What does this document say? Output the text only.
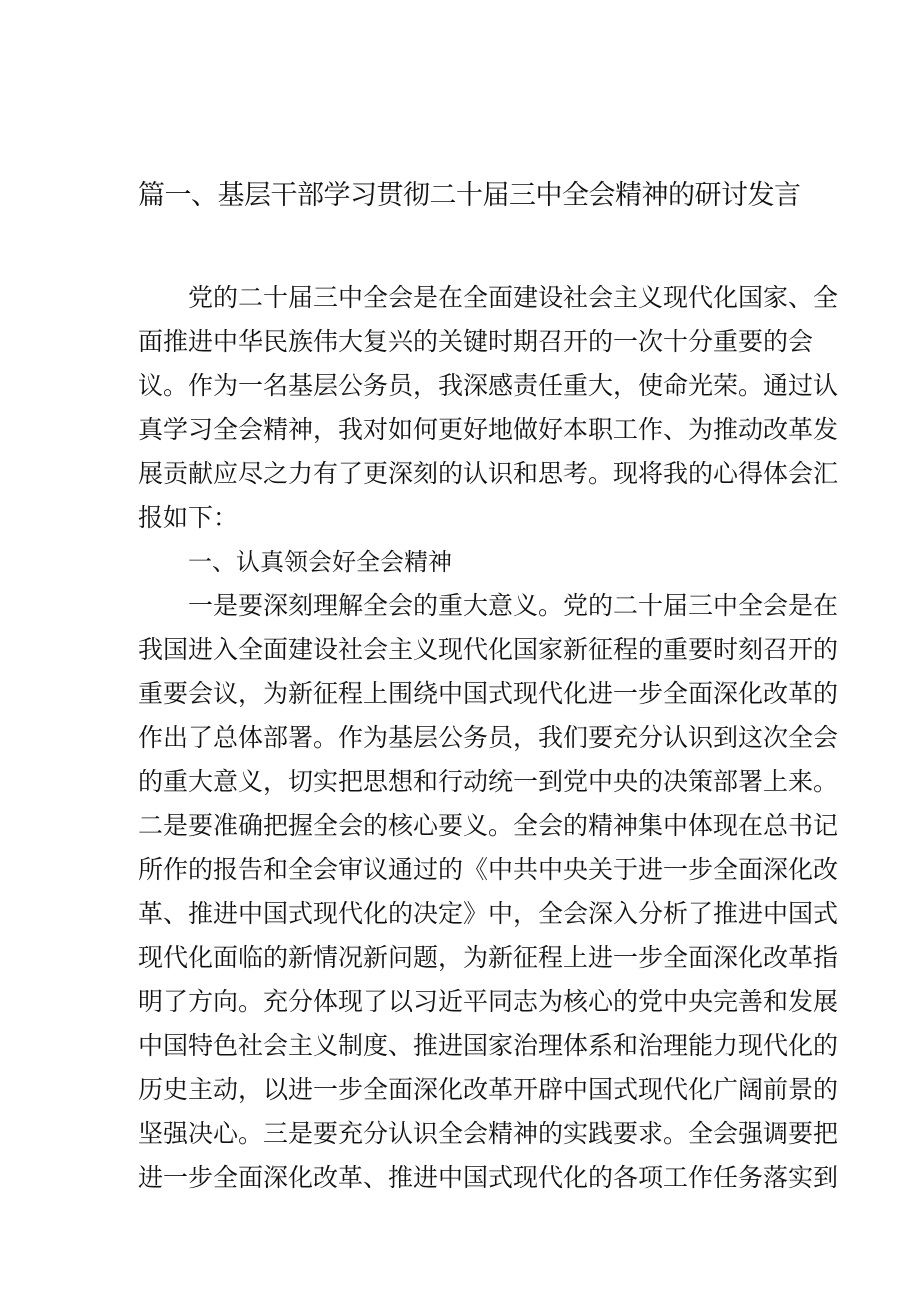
篇一、基层干部学习贯彻二十届三中全会精神的研讨发言
党的二十届三中全会是在全面建设社会主义现代化国家、全
面推进中华民族伟大复兴的关键时期召开的一次十分重要的会
议。作为一名基层公务员，我深感责任重大，使命光荣。通过认
真学习全会精神，我对如何更好地做好本职工作、为推动改革发
展贡献应尽之力有了更深刻的认识和思考。现将我的心得体会汇
报如下：
一、认真领会好全会精神
一是要深刻理解全会的重大意义。党的二十届三中全会是在
我国进入全面建设社会主义现代化国家新征程的重要时刻召开的
重要会议，为新征程上围绕中国式现代化进一步全面深化改革的
作出了总体部署。作为基层公务员，我们要充分认识到这次全会
的重大意义，切实把思想和行动统一到党中央的决策部署上来。
二是要准确把握全会的核心要义。全会的精神集中体现在总书记
所作的报告和全会审议通过的《中共中央关于进一步全面深化改
革、推进中国式现代化的决定》中，全会深入分析了推进中国式
现代化面临的新情况新问题，为新征程上进一步全面深化改革指
明了方向。充分体现了以习近平同志为核心的党中央完善和发展
中国特色社会主义制度、推进国家治理体系和治理能力现代化的
历史主动，以进一步全面深化改革开辟中国式现代化广阔前景的
坚强决心。三是要充分认识全会精神的实践要求。全会强调要把
进一步全面深化改革、推进中国式现代化的各项工作任务落实到
